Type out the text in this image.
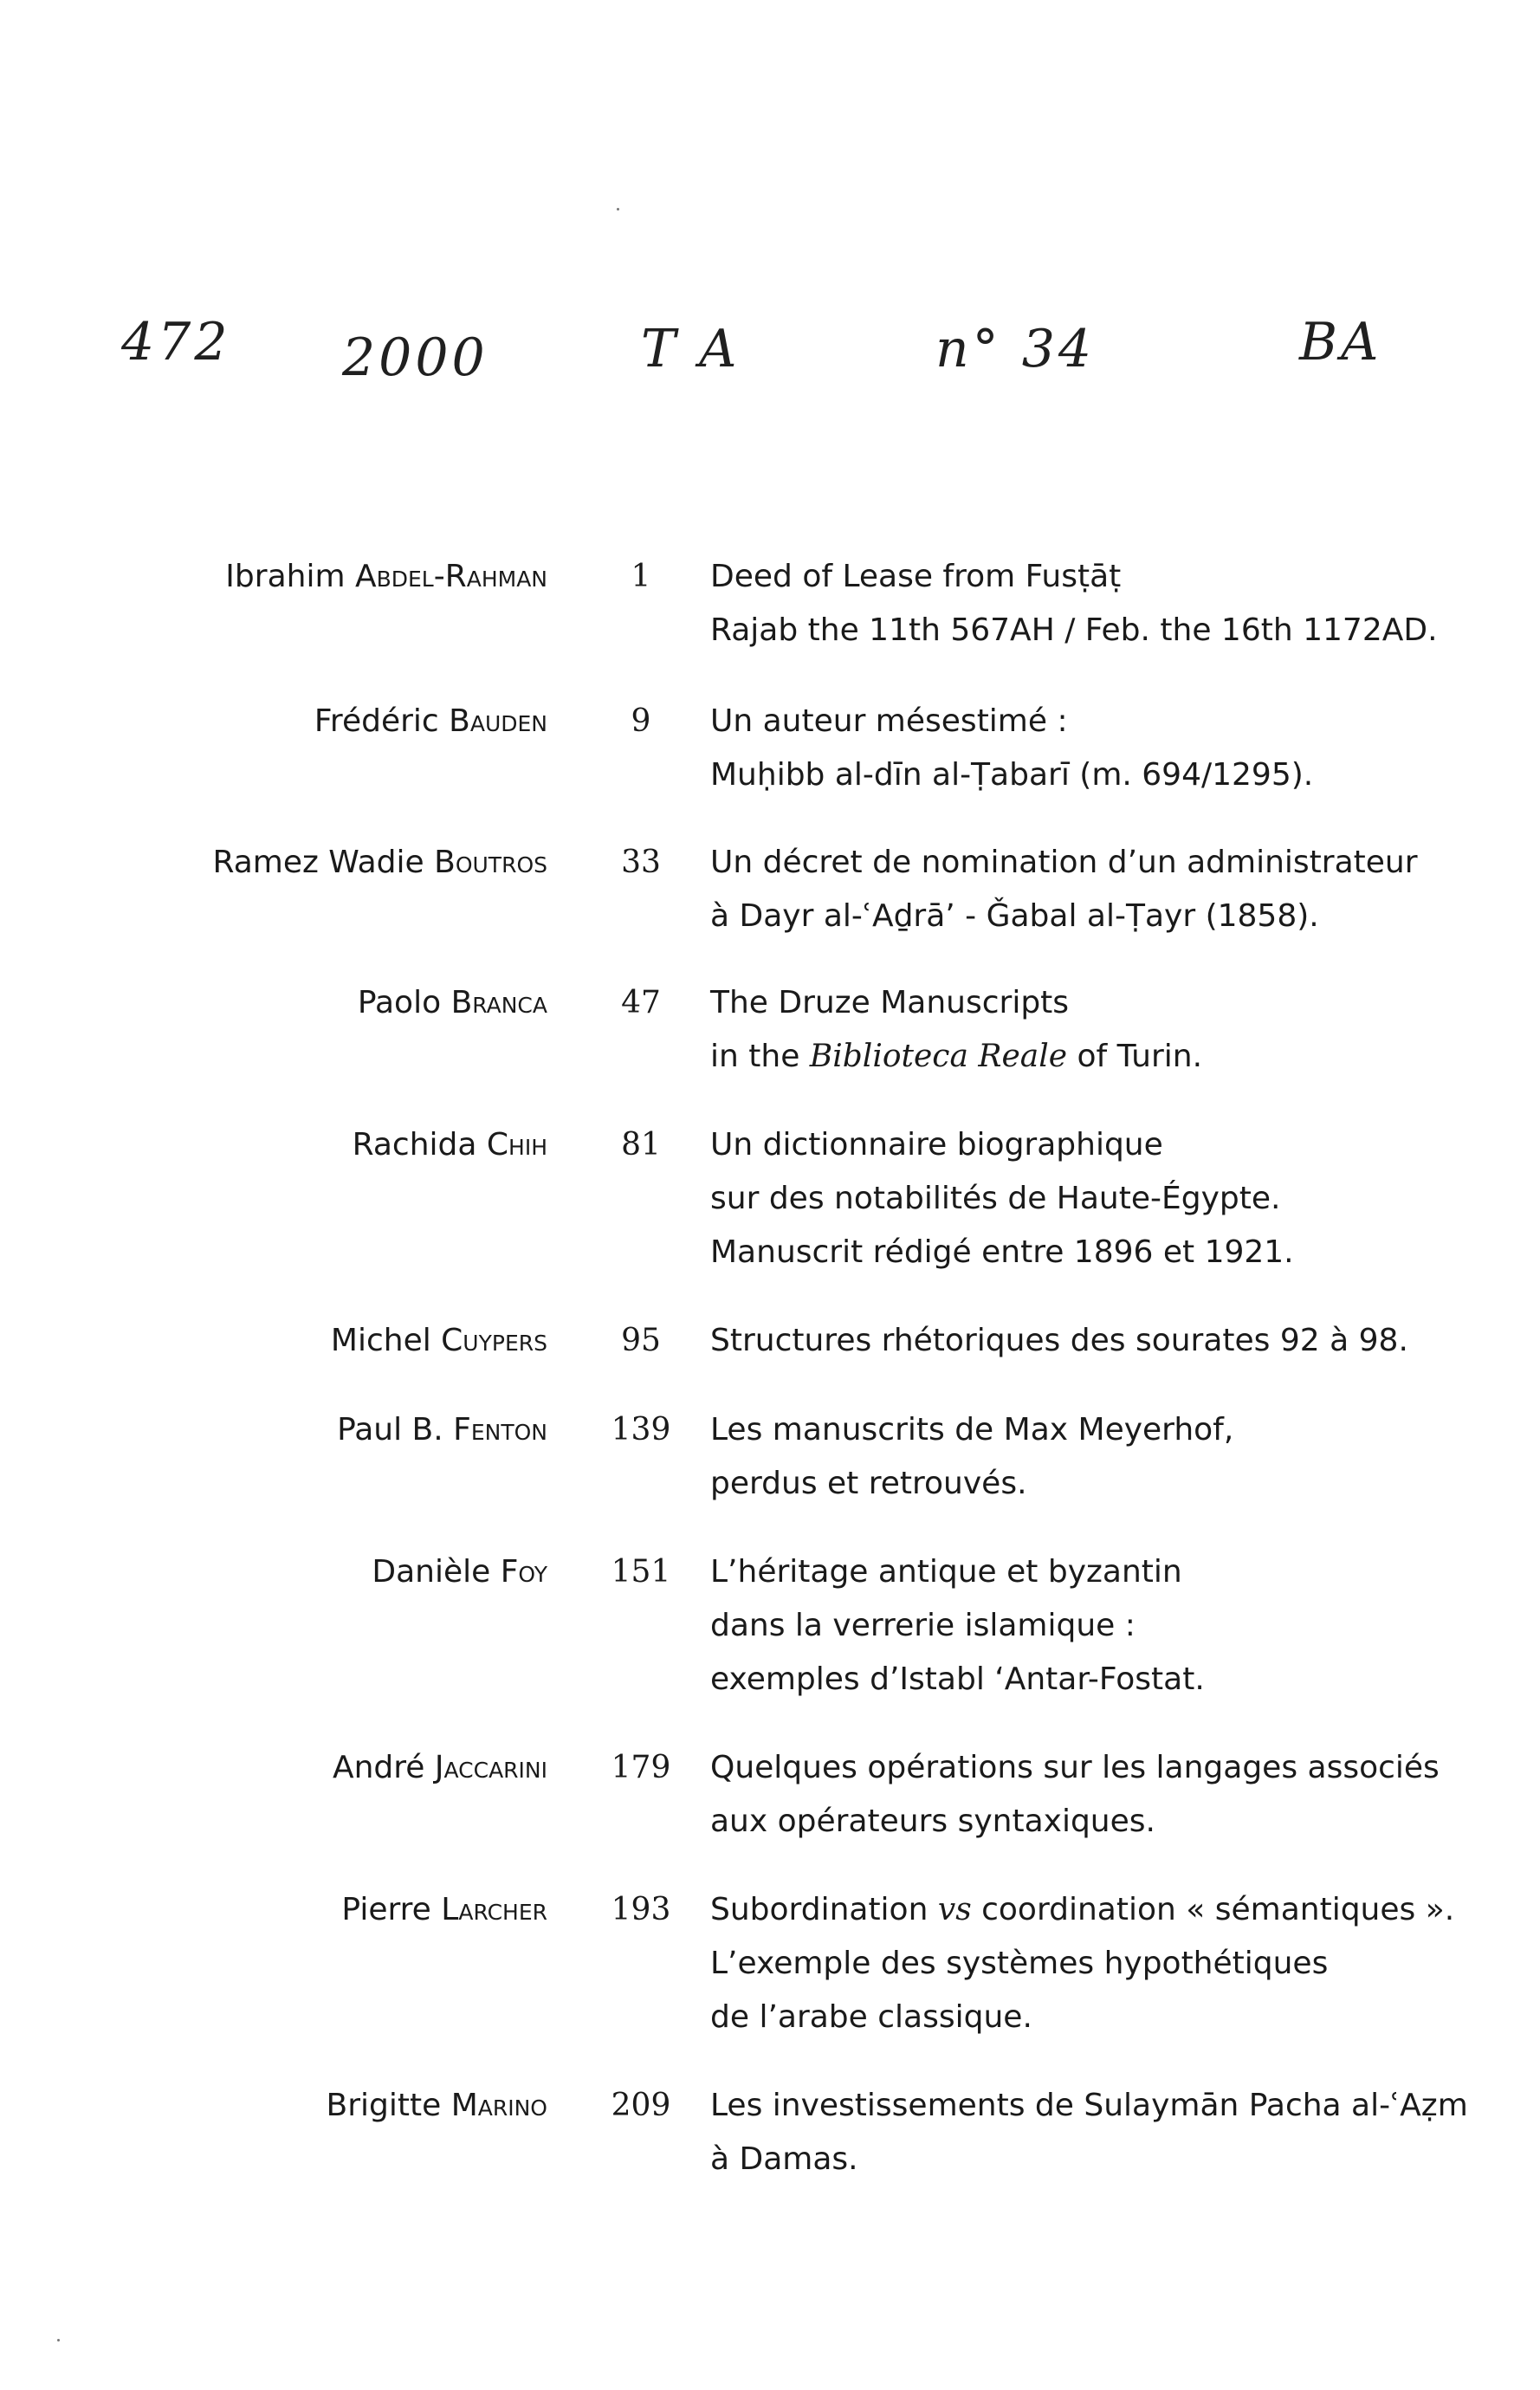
472 2000	T A	n° 34	BA
Ibrahim Abdel-Rahman	1	Deed of Lease from Fusṭāṭ
Rajab the 11th 567AH / Feb. the 16th 1172AD.
Frédéric Bauden	9	Un auteur mésestimé :
Muḥibb al-dīn al-Ṭabarī (m. 694/1295).
Ramez Wadie Boutros	33	Un décret de nomination d’un administrateur
à Dayr al-ʿAḏrā’ - Ǧabal al-Ṭayr (1858).
Paolo Branca	47	The Druze Manuscripts
in the Biblioteca Reale of Turin.
Rachida Chih	81	Un dictionnaire biographique
sur des notabilités de Haute-Égypte.
Manuscrit rédigé entre 1896 et 1921.
Michel Cuypers	95	Structures rhétoriques des sourates 92 à 98.
Paul B. Fenton	139	Les manuscrits de Max Meyerhof,
perdus et retrouvés.
Danièle Foy	151	L’héritage antique et byzantin
dans la verrerie islamique :
exemples d’Istabl ‘Antar-Fostat.
André Jaccarini	179	Quelques opérations sur les langages associés
aux opérateurs syntaxiques.
Pierre Larcher	193	Subordination vs coordination « sémantiques ».
L’exemple des systèmes hypothétiques
de l’arabe classique.
Brigitte Marino	209	Les investissements de Sulaymān Pacha al-ʿAẓm
à Damas.
